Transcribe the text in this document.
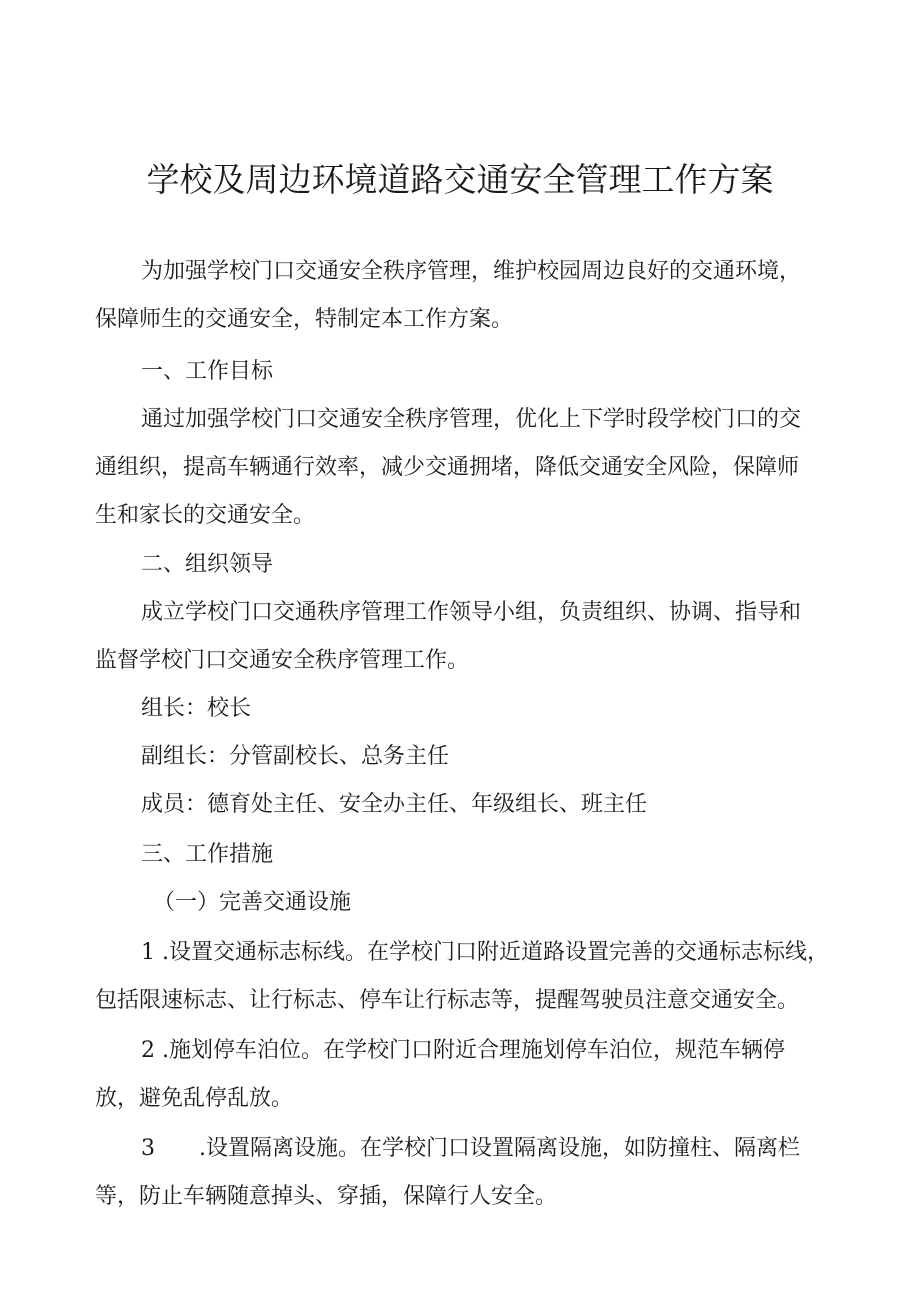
学校及周边环境道路交通安全管理工作方案
为加强学校门口交通安全秩序管理，维护校园周边良好的交通环境，
保障师生的交通安全，特制定本工作方案。
一、工作目标
通过加强学校门口交通安全秩序管理，优化上下学时段学校门口的交
通组织，提高车辆通行效率，减少交通拥堵，降低交通安全风险，保障师
生和家长的交通安全。
二、组织领导
成立学校门口交通秩序管理工作领导小组，负责组织、协调、指导和
监督学校门口交通安全秩序管理工作。
组长：校长
副组长：分管副校长、总务主任
成员：德育处主任、安全办主任、年级组长、班主任
三、工作措施
（一）完善交通设施
1 .设置交通标志标线。在学校门口附近道路设置完善的交通标志标线，
包括限速标志、让行标志、停车让行标志等，提醒驾驶员注意交通安全。
2 .施划停车泊位。在学校门口附近合理施划停车泊位，规范车辆停
放，避免乱停乱放。
3　　.设置隔离设施。在学校门口设置隔离设施，如防撞柱、隔离栏
等，防止车辆随意掉头、穿插，保障行人安全。
